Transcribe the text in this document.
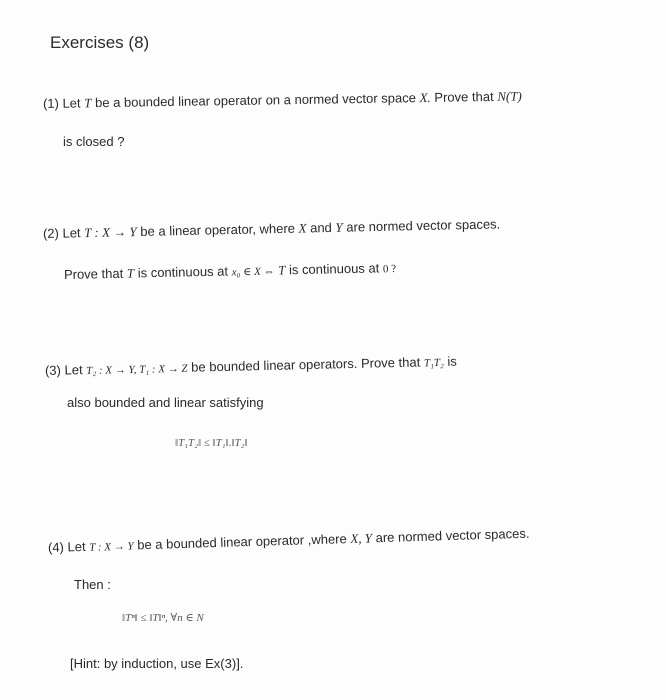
Exercises (8)
(1) Let T be a bounded linear operator on a normed vector space X. Prove that N(T)
is closed ?
(2) Let T : X → Y be a linear operator, where X and Y are normed vector spaces.
Prove that T is continuous at x₀ ∈ X ⇔ T is continuous at 0 ?
(3) Let T₂ : X → Y, T₁ : X → Z be bounded linear operators. Prove that T₁T₂ is
also bounded and linear satisfying
‖T₁T₂‖ ≤ ‖T₁‖.‖T₂‖
(4) Let T : X → Y be a bounded linear operator ,where X, Y are normed vector spaces.
Then :
‖Tⁿ‖ ≤ ‖T‖ⁿ, ∀n ∈ N
[Hint: by induction, use Ex(3)].
